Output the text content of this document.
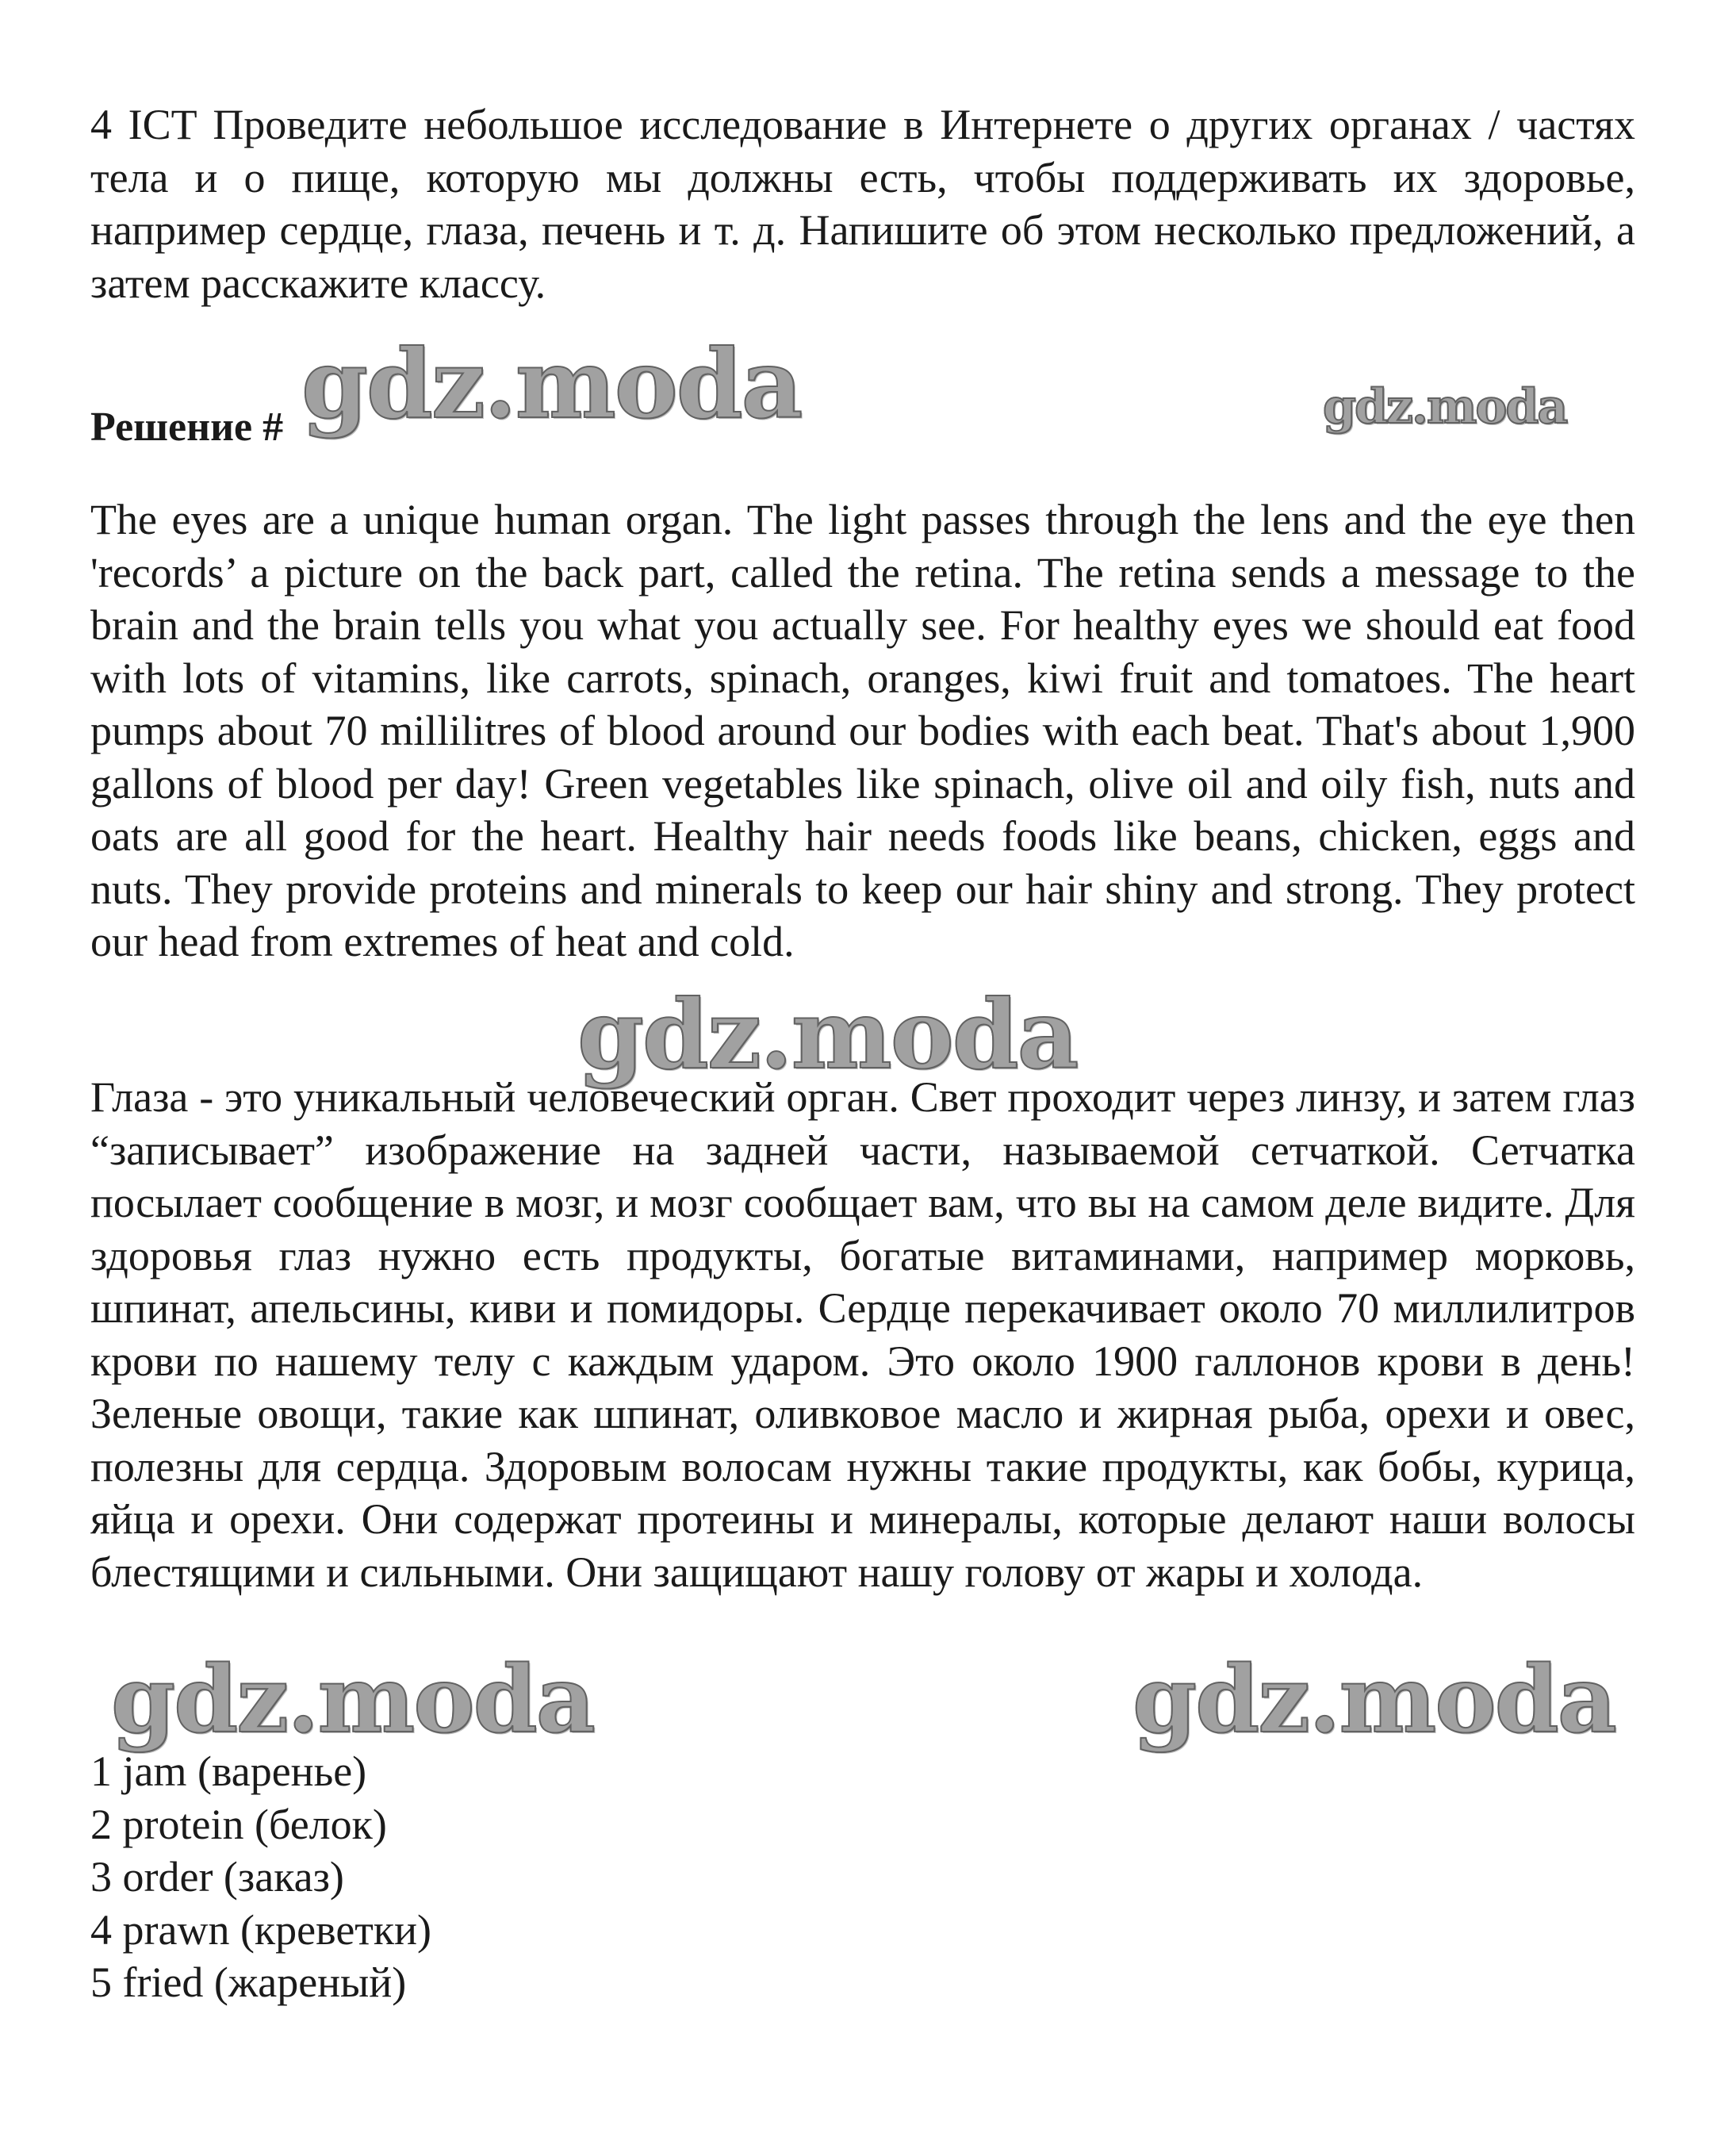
4 ICT Проведите небольшое исследование в Интернете о других органах / частях тела и о пище, которую мы должны есть, чтобы поддерживать их здоровье, например сердце, глаза, печень и т. д. Напишите об этом несколько предложений, а затем расскажите классу.

Решение #

The eyes are a unique human organ. The light passes through the lens and the eye then 'records’ a picture on the back part, called the retina. The retina sends a message to the brain and the brain tells you what you actually see. For healthy eyes we should eat food with lots of vitamins, like carrots, spinach, oranges, kiwi fruit and tomatoes. The heart pumps about 70 millilitres of blood around our bodies with each beat. That's about 1,900 gallons of blood per day! Green vegetables like spinach, olive oil and oily fish, nuts and oats are all good for the heart. Healthy hair needs foods like beans, chicken, eggs and nuts. They provide proteins and minerals to keep our hair shiny and strong. They protect our head from extremes of heat and cold.

Глаза - это уникальный человеческий орган. Свет проходит через линзу, и затем глаз “записывает” изображение на задней части, называемой сетчаткой. Сетчатка посылает сообщение в мозг, и мозг сообщает вам, что вы на самом деле видите. Для здоровья глаз нужно есть продукты, богатые витаминами, например морковь, шпинат, апельсины, киви и помидоры. Сердце перекачивает около 70 миллилитров крови по нашему телу с каждым ударом. Это около 1900 галлонов крови в день! Зеленые овощи, такие как шпинат, оливковое масло и жирная рыба, орехи и овес, полезны для сердца. Здоровым волосам нужны такие продукты, как бобы, курица, яйца и орехи. Они содержат протеины и минералы, которые делают наши волосы блестящими и сильными. Они защищают нашу голову от жары и холода.

1 jam (варенье)
2 protein (белок)
3 order (заказ)
4 prawn (креветки)
5 fried (жареный)
gdz.moda	gdz.moda
gdz.moda
gdz.moda	gdz.moda
